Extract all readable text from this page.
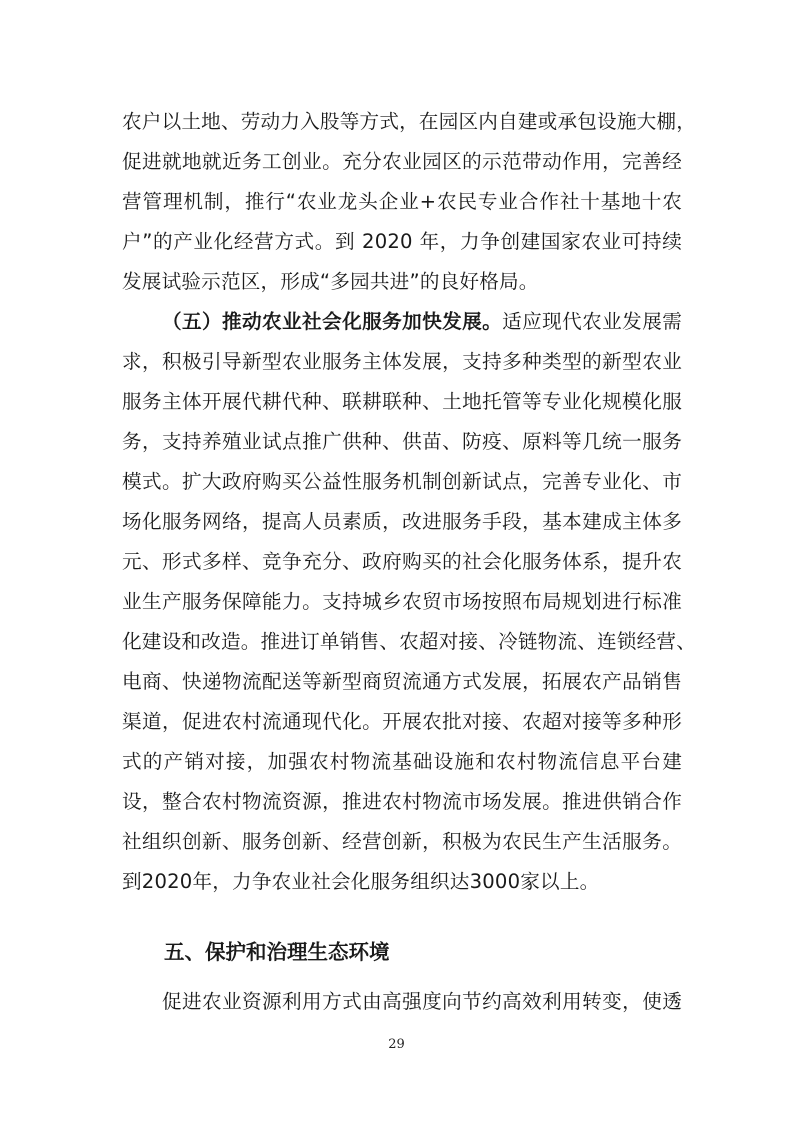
农户以土地、劳动力入股等方式，在园区内自建或承包设施大棚，
促进就地就近务工创业。充分农业园区的示范带动作用，完善经
营管理机制，推行“农业龙头企业+农民专业合作社十基地十农
户”的产业化经营方式。到 2020 年，力争创建国家农业可持续
发展试验示范区，形成“多园共进”的良好格局。
（五）推动农业社会化服务加快发展。适应现代农业发展需
求，积极引导新型农业服务主体发展，支持多种类型的新型农业
服务主体开展代耕代种、联耕联种、土地托管等专业化规模化服
务，支持养殖业试点推广供种、供苗、防疫、原料等几统一服务
模式。扩大政府购买公益性服务机制创新试点，完善专业化、市
场化服务网络，提高人员素质，改进服务手段，基本建成主体多
元、形式多样、竞争充分、政府购买的社会化服务体系，提升农
业生产服务保障能力。支持城乡农贸市场按照布局规划进行标准
化建设和改造。推进订单销售、农超对接、冷链物流、连锁经营、
电商、快递物流配送等新型商贸流通方式发展，拓展农产品销售
渠道，促进农村流通现代化。开展农批对接、农超对接等多种形
式的产销对接，加强农村物流基础设施和农村物流信息平台建
设，整合农村物流资源，推进农村物流市场发展。推进供销合作
社组织创新、服务创新、经营创新，积极为农民生产生活服务。
到2020年，力争农业社会化服务组织达3000家以上。
五、保护和治理生态环境
促进农业资源利用方式由高强度向节约高效利用转变，使透
29
